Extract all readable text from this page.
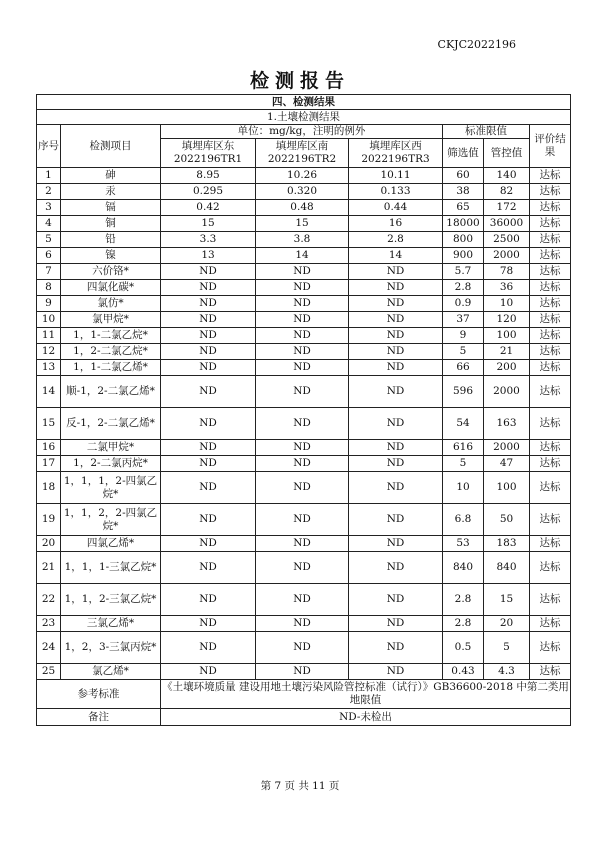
CKJC2022196
检测报告
四、检测结果							
1.土壤检测结果							
序号	检测项目	单位：mg/kg，注明的例外			标准限值		评价结果
		填埋库区东 2022196TR1	填埋库区南 2022196TR2	填埋库区西 2022196TR3	筛选值	管控值	
1	砷	8.95	10.26	10.11	60	140	达标
2	汞	0.295	0.320	0.133	38	82	达标
3	镉	0.42	0.48	0.44	65	172	达标
4	铜	15	15	16	18000	36000	达标
5	铅	3.3	3.8	2.8	800	2500	达标
6	镍	13	14	14	900	2000	达标
7	六价铬*	ND	ND	ND	5.7	78	达标
8	四氯化碳*	ND	ND	ND	2.8	36	达标
9	氯仿*	ND	ND	ND	0.9	10	达标
10	氯甲烷*	ND	ND	ND	37	120	达标
11	1，1-二氯乙烷*	ND	ND	ND	9	100	达标
12	1，2-二氯乙烷*	ND	ND	ND	5	21	达标
13	1，1-二氯乙烯*	ND	ND	ND	66	200	达标
14	顺-1，2-二氯乙烯*	ND	ND	ND	596	2000	达标
15	反-1，2-二氯乙烯*	ND	ND	ND	54	163	达标
16	二氯甲烷*	ND	ND	ND	616	2000	达标
17	1，2-二氯丙烷*	ND	ND	ND	5	47	达标
18	1，1，1，2-四氯乙烷*	ND	ND	ND	10	100	达标
19	1，1，2，2-四氯乙烷*	ND	ND	ND	6.8	50	达标
20	四氯乙烯*	ND	ND	ND	53	183	达标
21	1，1，1-三氯乙烷*	ND	ND	ND	840	840	达标
22	1，1，2-三氯乙烷*	ND	ND	ND	2.8	15	达标
23	三氯乙烯*	ND	ND	ND	2.8	20	达标
24	1，2，3-三氯丙烷*	ND	ND	ND	0.5	5	达标
25	氯乙烯*	ND	ND	ND	0.43	4.3	达标
参考标准		《土壤环境质量 建设用地土壤污染风险管控标准（试行）》GB36600-2018 中第二类用地限值					
备注		ND-未检出					
第 7 页 共 11 页
